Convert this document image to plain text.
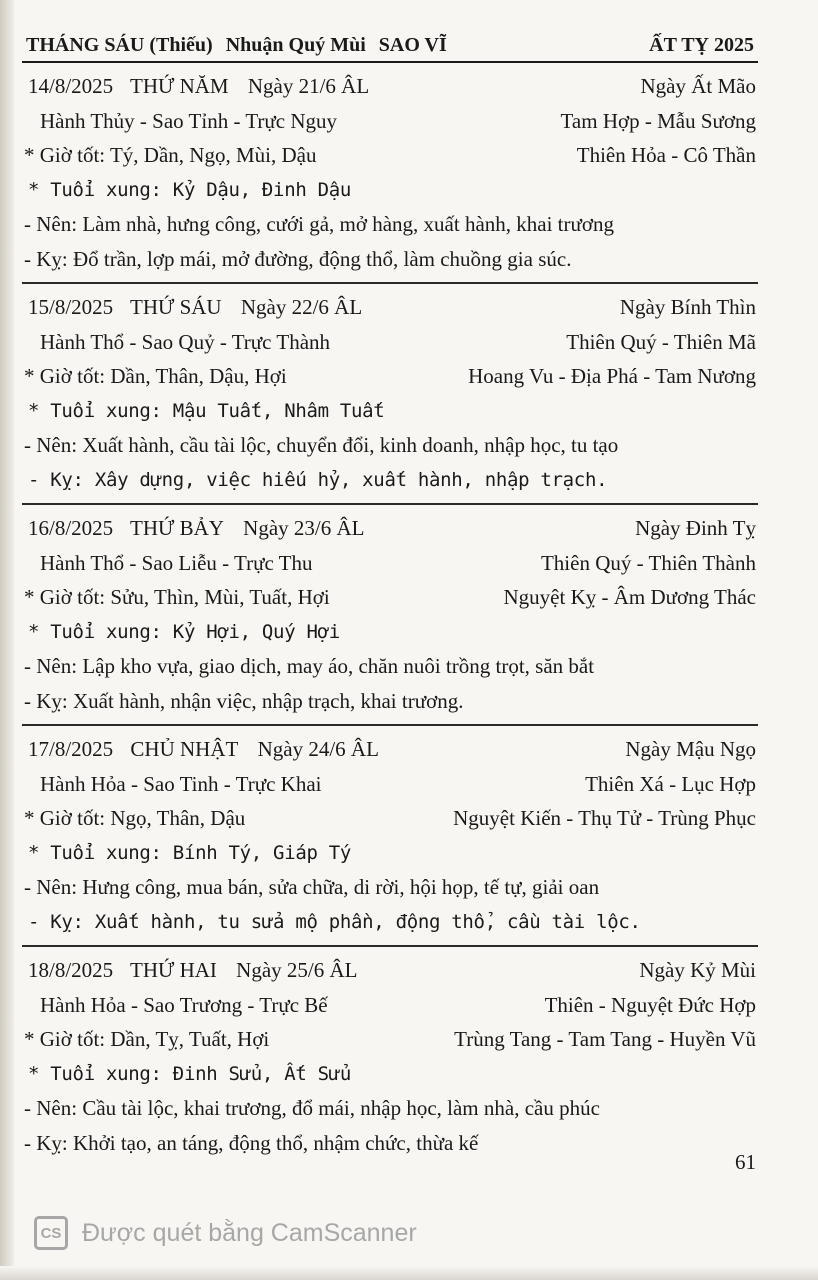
THÁNG SÁU (Thiếu) Nhuận Quý Mùi SAO VĨ	ẤT TỴ 2025
14/8/2025 THỨ NĂM Ngày 21/6 ÂL	Ngày Ất Mão
Hành Thủy - Sao Tỉnh - Trực Nguy	Tam Hợp - Mẫu Sương
* Giờ tốt: Tý, Dần, Ngọ, Mùi, Dậu	Thiên Hỏa - Cô Thần
* Tuổi xung: Kỷ Dậu, Đinh Dậu
- Nên: Làm nhà, hưng công, cưới gả, mở hàng, xuất hành, khai trương
- Kỵ: Đổ trần, lợp mái, mở đường, động thổ, làm chuồng gia súc.
15/8/2025 THỨ SÁU Ngày 22/6 ÂL	Ngày Bính Thìn
Hành Thổ - Sao Quỷ - Trực Thành	Thiên Quý - Thiên Mã
* Giờ tốt: Dần, Thân, Dậu, Hợi	Hoang Vu - Địa Phá - Tam Nương
* Tuổi xung: Mậu Tuất, Nhâm Tuất
- Nên: Xuất hành, cầu tài lộc, chuyển đổi, kinh doanh, nhập học, tu tạo
- Kỵ: Xây dựng, việc hiếu hỷ, xuất hành, nhập trạch.
16/8/2025 THỨ BẢY Ngày 23/6 ÂL	Ngày Đinh Tỵ
Hành Thổ - Sao Liễu - Trực Thu	Thiên Quý - Thiên Thành
* Giờ tốt: Sửu, Thìn, Mùi, Tuất, Hợi	Nguyệt Kỵ - Âm Dương Thác
* Tuổi xung: Kỷ Hợi, Quý Hợi
- Nên: Lập kho vựa, giao dịch, may áo, chăn nuôi trồng trọt, săn bắt
- Kỵ: Xuất hành, nhận việc, nhập trạch, khai trương.
17/8/2025 CHỦ NHẬT Ngày 24/6 ÂL	Ngày Mậu Ngọ
Hành Hỏa - Sao Tinh - Trực Khai	Thiên Xá - Lục Hợp
* Giờ tốt: Ngọ, Thân, Dậu	Nguyệt Kiến - Thụ Tử - Trùng Phục
* Tuổi xung: Bính Tý, Giáp Tý
- Nên: Hưng công, mua bán, sửa chữa, di rời, hội họp, tế tự, giải oan
- Kỵ: Xuất hành, tu sửa mộ phần, động thổ, cầu tài lộc.
18/8/2025 THỨ HAI Ngày 25/6 ÂL	Ngày Kỷ Mùi
Hành Hỏa - Sao Trương - Trực Bế	Thiên - Nguyệt Đức Hợp
* Giờ tốt: Dần, Tỵ, Tuất, Hợi	Trùng Tang - Tam Tang - Huyền Vũ
* Tuổi xung: Đinh Sửu, Ất Sửu
- Nên: Cầu tài lộc, khai trương, đổ mái, nhập học, làm nhà, cầu phúc
- Kỵ: Khởi tạo, an táng, động thổ, nhậm chức, thừa kế
61
CS Được quét bằng CamScanner
